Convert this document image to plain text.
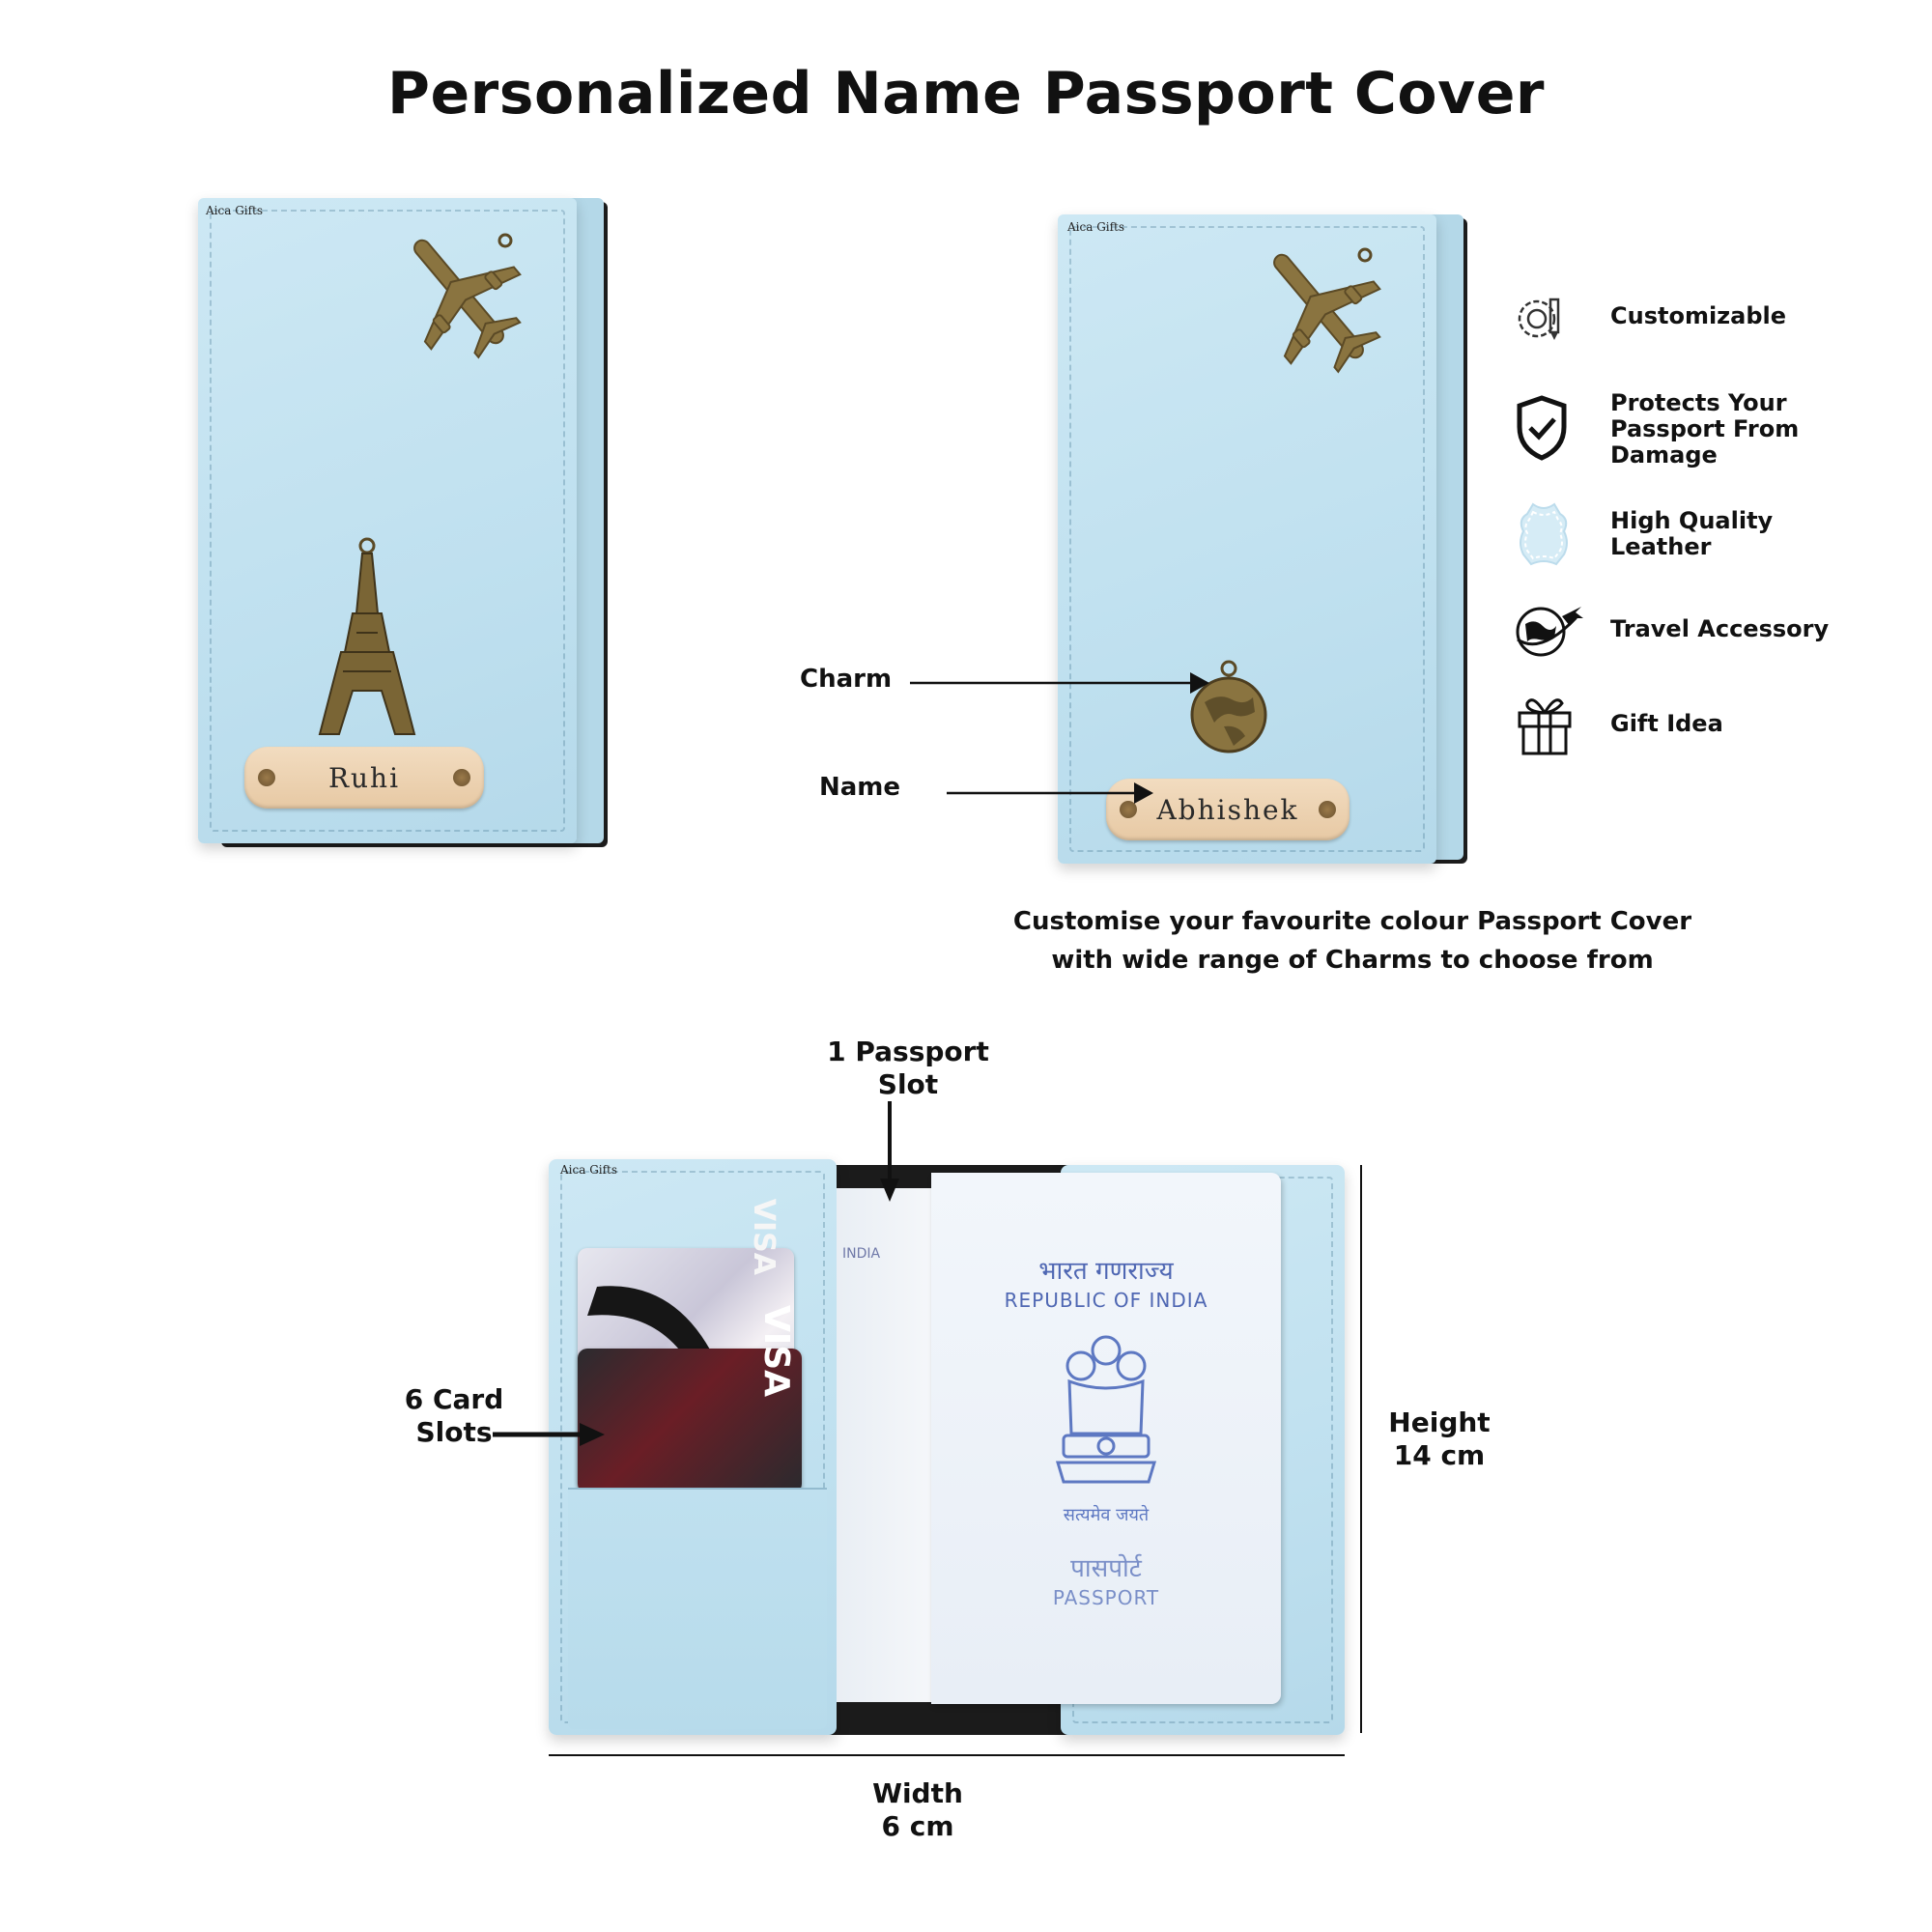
Personalized Name Passport Cover
Aica Gifts
Ruhi
Aica Gifts
Abhishek
Charm
Name
Customizable
Protects Your
Passport From
Damage
High Quality
Leather
Travel Accessory
Gift Idea
Customise your favourite colour Passport Cover
with wide range of Charms to choose from
Aica Gifts
VISA
VISA
INDIA
भारत गणराज्य
REPUBLIC OF INDIA
सत्यमेव जयते
पासपोर्ट
PASSPORT
1 Passport
Slot
6 Card
Slots	Height
14 cm
Width
6 cm
